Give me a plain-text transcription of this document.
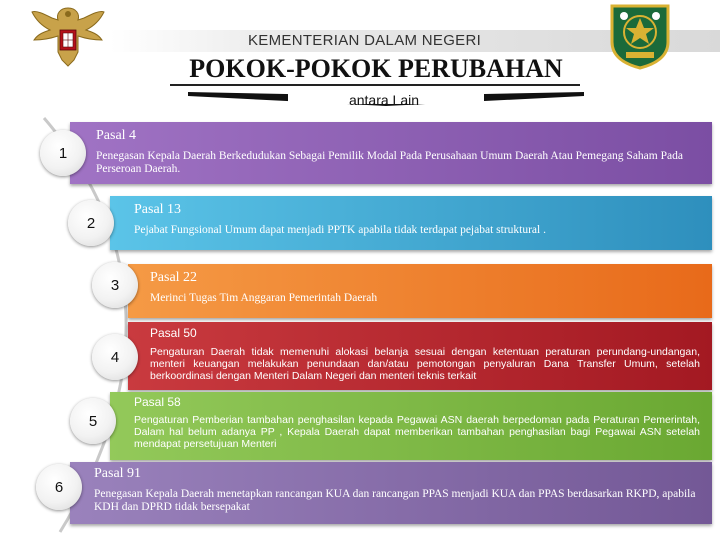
KEMENTERIAN DALAM NEGERI
POKOK-POKOK PERUBAHAN
antara Lain
Pasal 4
Penegasan Kepala Daerah Berkedudukan Sebagai Pemilik Modal Pada Perusahaan Umum Daerah Atau Pemegang Saham Pada Perseroan Daerah.
1
Pasal 13
Pejabat Fungsional Umum dapat menjadi PPTK apabila tidak terdapat pejabat struktural .
2
Pasal 22
Merinci Tugas Tim Anggaran Pemerintah Daerah
3
Pasal 50
Pengaturan Daerah tidak memenuhi alokasi belanja sesuai dengan ketentuan peraturan perundang-undangan, menteri keuangan melakukan penundaan dan/atau pemotongan penyaluran Dana Transfer Umum, setelah berkoordinasi dengan Menteri Dalam Negeri dan menteri teknis terkait
4
Pasal 58
Pengaturan Pemberian tambahan penghasilan kepada Pegawai ASN daerah berpedoman pada Peraturan Pemerintah, Dalam hal belum adanya PP , Kepala Daerah dapat memberikan tambahan penghasilan bagi Pegawai ASN setelah mendapat persetujuan Menteri
5
Pasal 91
Penegasan Kepala Daerah menetapkan rancangan KUA dan rancangan PPAS menjadi KUA dan PPAS berdasarkan RKPD, apabila KDH dan DPRD tidak bersepakat
6
